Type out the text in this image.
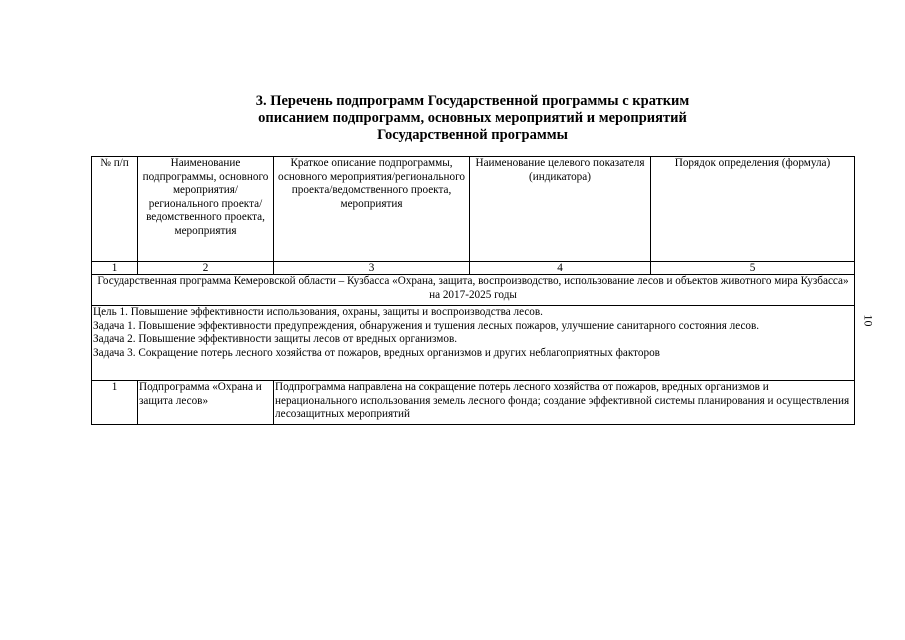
3. Перечень подпрограмм Государственной программы с кратким
описанием подпрограмм, основных мероприятий и мероприятий
Государственной программы
10
№ п/п	Наименование подпрограммы, основного мероприятия/ регионального проекта/ ведомственного проекта, мероприятия	Краткое описание подпрограммы, основного мероприятия/регионального проекта/ведомственного проекта, мероприятия	Наименование целевого показателя (индикатора)	Порядок определения (формула)
1	2	3	4	5
Государственная программа Кемеровской области – Кузбасса «Охрана, защита, воспроизводство, использование лесов и объектов животного мира Кузбасса» на 2017-2025 годы				

Цель 1. Повышение эффективности использования, охраны, защиты и воспроизводства лесов.
Задача 1. Повышение эффективности предупреждения, обнаружения и тушения лесных пожаров, улучшение санитарного состояния лесов.
Задача 2. Повышение эффективности защиты лесов от вредных организмов.
Задача 3. Сокращение потерь лесного хозяйства от пожаров, вредных организмов и других неблагоприятных факторов				

1	Подпрограмма «Охрана и защита лесов»	Подпрограмма направлена на сокращение потерь лесного хозяйства от пожаров, вредных организмов и нерационального использования земель лесного фонда; создание эффективной системы планирования и осуществления лесозащитных мероприятий		
